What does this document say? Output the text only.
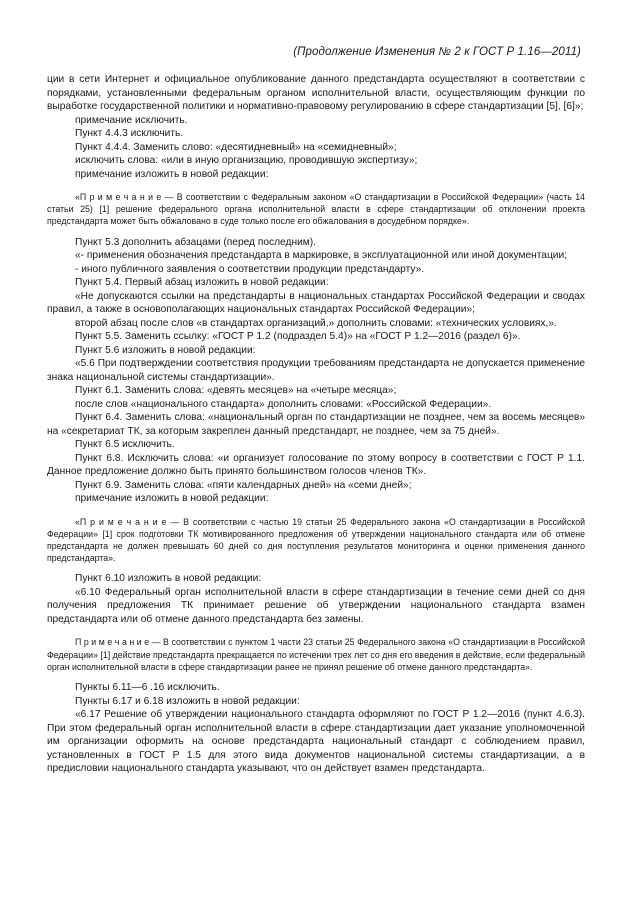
(Продолжение Изменения № 2 к ГОСТ Р 1.16—2011)

ции в сети Интернет и официальное опубликование данного предстандарта осуществляют в соответствии с порядками, установленными федеральным органом исполнительной власти, осуществляющим функции по выработке государственной политики и нормативно-правовому регулированию в сфере стандартизации [5], [6]»;

примечание исключить.

Пункт 4.4.3 исключить.

Пункт 4.4.4. Заменить слово: «десятидневный» на «семидневный»;

исключить слова: «или в иную организацию, проводившую экспертизу»;

примечание изложить в новой редакции:

«П р и м е ч а н и е — В соответствии с Федеральным законом «О стандартизации в Российской Федерации» (часть 14 статьи 25) [1] решение федерального органа исполнительной власти в сфере стандартизации об отклонении проекта предстандарта может быть обжаловано в суде только после его обжалования в досудебном порядке».

Пункт 5.3 дополнить абзацами (перед последним).

«- применения обозначения предстандарта в маркировке, в эксплуатационной или иной документации;

- иного публичного заявления о соответствии продукции предстандарту».

Пункт 5.4. Первый абзац изложить в новой редакции:

«Не допускаются ссылки на предстандарты в национальных стандартах Российской Федерации и сводах правил, а также в основополагающих национальных стандартах Российской Федерации»;

второй абзац после слов «в стандартах организаций,» дополнить словами: «технических условиях,».

Пункт 5.5. Заменить ссылку: «ГОСТ Р 1.2 (подраздел 5.4)» на «ГОСТ Р 1.2—2016 (раздел 6)».

Пункт 5.6 изложить в новой редакции:

«5.6 При подтверждении соответствия продукции требованиям предстандарта не допускается применение знака национальной системы стандартизации».

Пункт 6.1. Заменить слова: «девять месяцев» на «четыре месяца»;

после слов «национального стандарта» дополнить словами: «Российской Федерации».

Пункт 6.4. Заменить слова: «национальный орган по стандартизации не позднее, чем за восемь месяцев» на «секретариат ТК, за которым закреплен данный предстандарт, не позднее, чем за 75 дней».

Пункт 6.5 исключить.

Пункт 6.8. Исключить слова: «и организует голосование по этому вопросу в соответствии с ГОСТ Р 1.1. Данное предложение должно быть принято большинством голосов членов ТК».

Пункт 6.9. Заменить слова: «пяти календарных дней» на «семи дней»;

примечание изложить в новой редакции:

«П р и м е ч а н и е — В соответствии с частью 19 статьи 25 Федерального закона «О стандартизации в Российской Федерации» [1] срок подготовки ТК мотивированного предложения об утверждении национального стандарта или об отмене предстандарта не должен превышать 60 дней со дня поступления результатов мониторинга и оценки применения данного предстандарта».

Пункт 6.10 изложить в новой редакции:

«6.10 Федеральный орган исполнительной власти в сфере стандартизации в течение семи дней со дня получения предложения ТК принимает решение об утверждении национального стандарта взамен предстандарта или об отмене данного предстандарта без замены.

П р и м е ч а н и е — В соответствии с пунктом 1 части 23 статьи 25 Федерального закона «О стандартизации в Российской Федерации» [1] действие предстандарта прекращается по истечении трех лет со дня его введения в действие, если федеральный орган исполнительной власти в сфере стандартизации ранее не принял решение об отмене данного предстандарта».

Пункты 6.11—6 .16 исключить.

Пункты 6.17 и 6.18 изложить в новой редакции:

«6.17 Решение об утверждении национального стандарта оформляют по ГОСТ Р 1.2—2016 (пункт 4.6.3). При этом федеральный орган исполнительной власти в сфере стандартизации дает указание уполномоченной им организации оформить на основе предстандарта национальный стандарт с соблюдением правил, установленных в ГОСТ Р 1.5 для этого вида документов национальной системы стандартизации, а в предисловии национального стандарта указывают, что он действует взамен предстандарта.
